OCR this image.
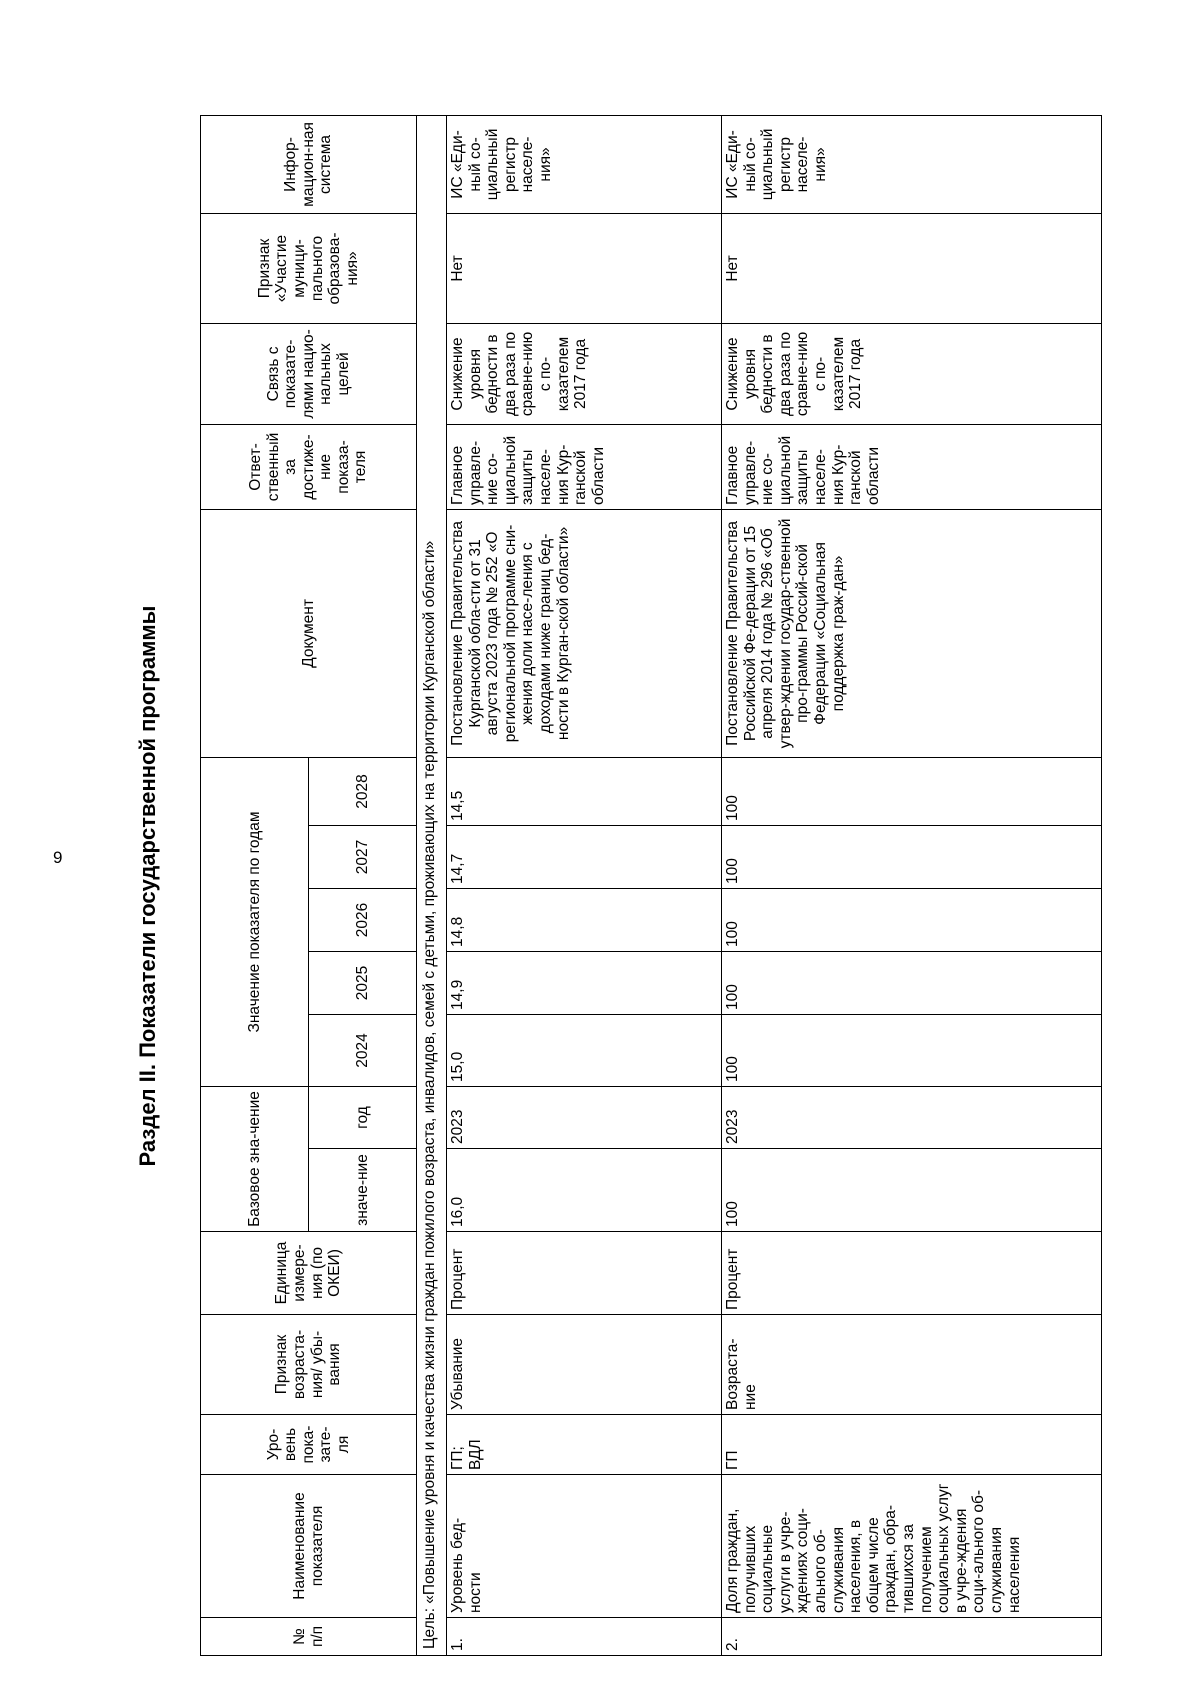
9	Раздел II. Показатели государственной программы
№ п/п	Наименование показателя	Уро-вень пока-зате-ля	Признак возраста-ния/ убы-вания	Единица измере-ния (по ОКЕИ)	Базовое зна-чение		Значение показателя по годам					Документ	Ответ-ственный за достиже-ние показа-теля	Связь с показате-лями нацио-нальных целей	Признак «Участие муници-пального образова-ния»	Инфор-мацион-ная система
					значе-ние	год	2024	2025	2026	2027	2028					
Цель: «Повышение уровня и качества жизни граждан пожилого возраста, инвалидов, семей с детьми, проживающих на территории Курганской области»																
1.	Уровень бед-ности	ГП; ВДЛ	Убывание	Процент	16,0	2023	15,0	14,9	14,8	14,7	14,5	Постановление Правительства Курганской обла-сти от 31 августа 2023 года № 252 «О региональной программе сни-жения доли насе-ления с доходами ниже границ бед-ности в Курган-ской области»	Главное управле-ние со-циальной защиты населе-ния Кур-ганской области	Снижение уровня бедности в два раза по сравне-нию с по-казателем 2017 года	Нет	ИС «Еди-ный со-циальный регистр населе-ния»
2.	Доля граждан, получивших социальные услуги в учре-ждениях соци-ального об-служивания населения, в общем числе граждан, обра-тившихся за получением социальных услуг в учре-ждения соци-ального об-служивания населения	ГП	Возраста-ние	Процент	100	2023	100	100	100	100	100	Постановление Правительства Российской Фе-дерации от 15 апреля 2014 года № 296 «Об утвер-ждении государ-ственной про-граммы Россий-ской Федерации «Социальная поддержка граж-дан»	Главное управле-ние со-циальной защиты населе-ния Кур-ганской области	Снижение уровня бедности в два раза по сравне-нию с по-казателем 2017 года	Нет	ИС «Еди-ный со-циальный регистр населе-ния»
